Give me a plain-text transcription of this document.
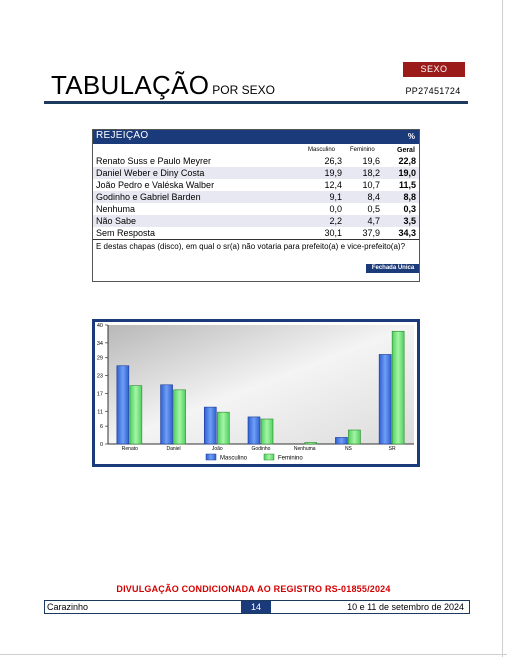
SEXO
PP27451724
TABULAÇÃO POR SEXO
REJEIÇÃO	%
Masculino Feminino	Geral
Renato Suss e Paulo Meyrer	26,3 19,6 22,8
Daniel Weber e Diny Costa	19,9 18,2 19,0
João Pedro e Valéska Walber	12,4 10,7 11,5
Godinho e Gabriel Barden	9,1	8,4	8,8
Nenhuma	0,0	0,5	0,3
Não Sabe	2,2	4,7	3,5
Sem Resposta	30,1 37,9 34,3
E destas chapas (disco), em qual o sr(a) não votaria para prefeito(a) e vice-prefeito(a)?
Fechada Única
0
6
11
17
23
29
34
40
Renato	Daniel	João	Godinho	Nenhuma	NS	SR
Masculino	Feminino
DIVULGAÇÃO CONDICIONADA AO REGISTRO RS-01855/2024
Carazinho	14	10 e 11 de setembro de 2024
